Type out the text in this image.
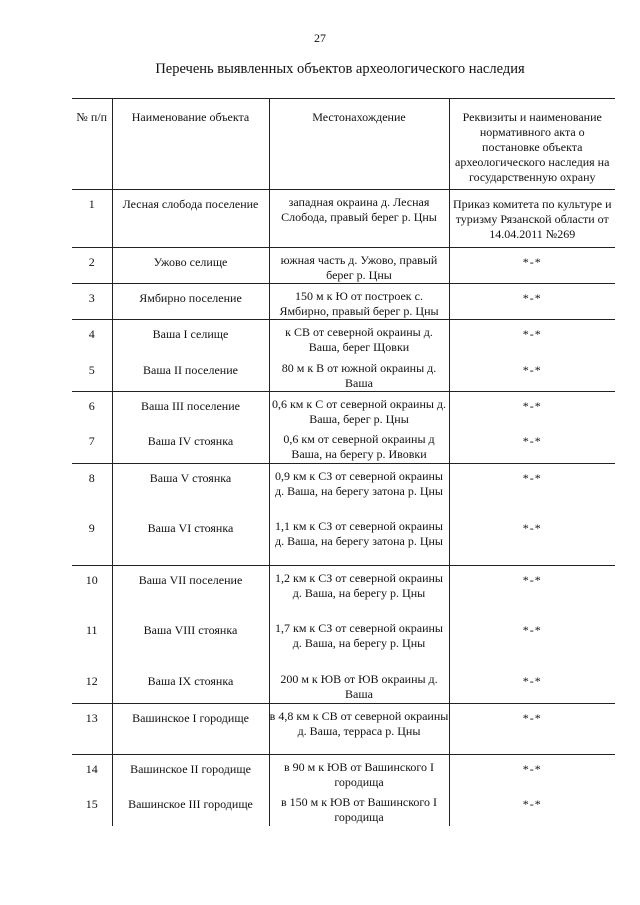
27
Перечень выявленных объектов археологического наследия
№ п/п	Наименование объекта	Местонахождение	Реквизиты и наименование нормативного акта о постановке объекта археологического наследия на государственную охрану
1	Лесная слобода поселение	западная окраина д. Лесная Слобода, правый берег р. Цны	Приказ комитета по культуре и туризму Рязанской области от 14.04.2011 №269
2	Ужово селище	южная часть д. Ужово, правый берег р. Цны	*-*
3	Ямбирно поселение	150 м к Ю от построек с. Ямбирно, правый берег р. Цны	*-*
4	Ваша I селище	к СВ от северной окраины д. Ваша, берег Щовки	*-*
5	Ваша II поселение	80 м к В от южной окраины д. Ваша	*-*
6	Ваша III поселение	0,6 км к С от северной окраины д. Ваша, берег р. Цны	*-*
7	Ваша IV стоянка	0,6 км от северной окраины д Ваша, на берегу р. Ивовки	*-*
8	Ваша V стоянка	0,9 км к СЗ от северной окраины д. Ваша, на берегу затона р. Цны	*-*
9	Ваша VI стоянка	1,1 км к СЗ от северной окраины д. Ваша, на берегу затона р. Цны	*-*
10	Ваша VII поселение	1,2 км к СЗ от северной окраины д. Ваша, на берегу р. Цны	*-*
11	Ваша VIII стоянка	1,7 км к СЗ от северной окраины д. Ваша, на берегу р. Цны	*-*
12	Ваша IX стоянка	200 м к ЮВ от ЮВ окраины д. Ваша	*-*
13	Вашинское I городище	в 4,8 км к СВ от северной окраины д. Ваша, терраса р. Цны	*-*
14	Вашинское II городище	в 90 м к ЮВ от Вашинского I городища	*-*
15	Вашинское III городище	в 150 м к ЮВ от Вашинского I городища	*-*
